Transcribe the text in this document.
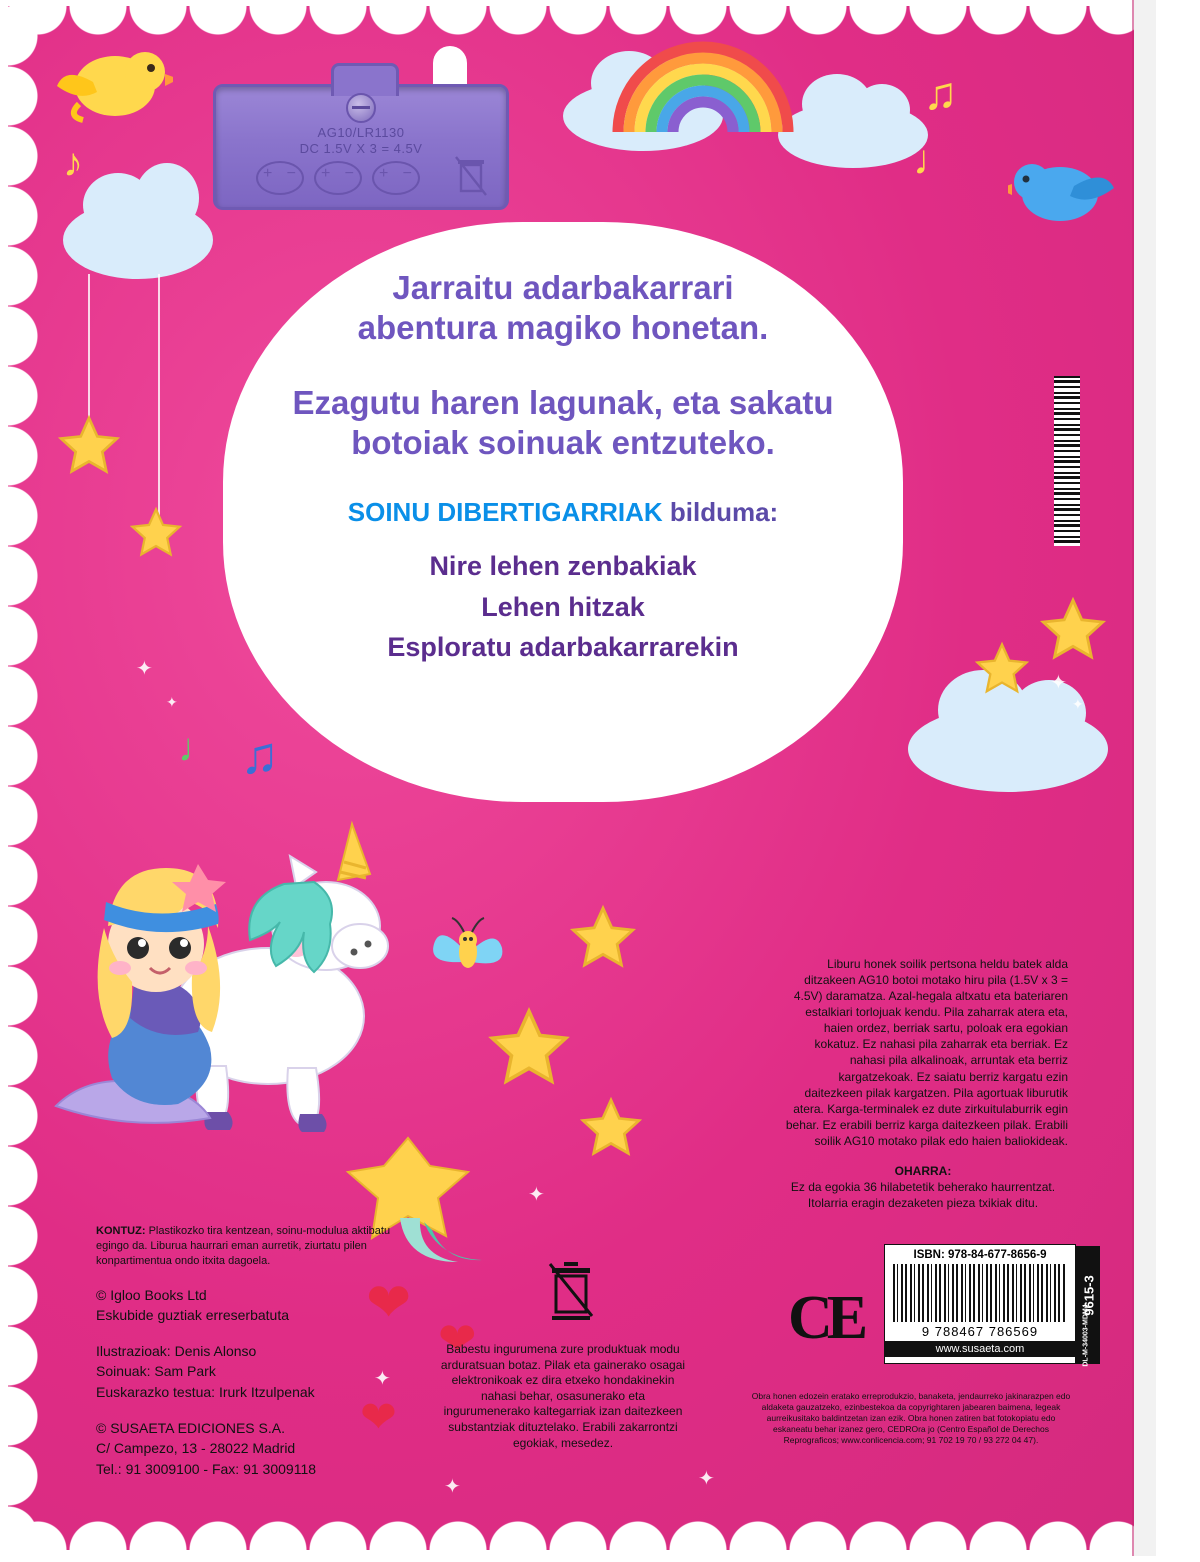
♪
♫
♩
♩ ♫
✦
✦
✦
✦
✦
✦
✦	✦
❤
❤
❤
AG10/LR1130
DC 1.5V X 3 = 4.5V
+ −
+ −
+ −
Jarraitu adarbakarrari
abentura magiko honetan.
Ezagutu haren lagunak, eta sakatu
botoiak soinuak entzuteko.
SOINU DIBERTIGARRIAK bilduma:
Nire lehen zenbakiak
Lehen hitzak
Esploratu adarbakarrarekin
Liburu honek soilik pertsona heldu batek alda ditzakeen AG10 botoi motako hiru pila (1.5V x 3 = 4.5V) daramatza. Azal-hegala altxatu eta bateriaren estalkiari torlojuak kendu. Pila zaharrak atera eta, haien ordez, berriak sartu, poloak era egokian kokatuz. Ez nahasi pila zaharrak eta berriak. Ez nahasi pila alkalinoak, arruntak eta berriz kargatzekoak. Ez saiatu berriz kargatu ezin daitezkeen pilak kargatzen. Pila agortuak liburutik atera. Karga-terminalek ez dute zirkuitulaburrik egin behar. Ez erabili berriz karga daitezkeen pilak. Erabili soilik AG10 motako pilak edo haien baliokideak.
OHARRA:
Ez da egokia 36 hilabetetik beherako haurrentzat. Itolarria eragin dezaketen pieza txikiak ditu.
KONTUZ: Plastikozko tira kentzean, soinu-modulua aktibatu egingo da. Liburua haurrari eman aurretik, ziurtatu pilen konpartimentua ondo itxita dagoela.
© Igloo Books Ltd
Eskubide guztiak erreserbatuta
Ilustrazioak: Denis Alonso
Soinuak: Sam Park
Euskarazko testua: Irurk Itzulpenak
© SUSAETA EDICIONES S.A.
C/ Campezo, 13 - 28022 Madrid
Tel.: 91 3009100 - Fax: 91 3009118
Babestu ingurumena zure produktuak modu arduratsuan botaz. Pilak eta gainerako osagai elektronikoak ez dira etxeko hondakinekin nahasi behar, osasunerako eta ingurumenerako kaltegarriak izan daitezkeen substantziak dituztelako. Erabili zakarrontzi egokiak, mesedez.
CE
ISBN: 978-84-677-8656-9
9 788467 786569
www.susaeta.com
9615-3
DL-M-34003-MDM4
Obra honen edozein eratako erreprodukzio, banaketa, jendaurreko jakinarazpen edo aldaketa gauzatzeko, ezinbestekoa da copyrightaren jabearen baimena, legeak aurreikusitako baldintzetan izan ezik. Obra honen zatiren bat fotokopiatu edo eskaneatu behar izanez gero, CEDROra jo (Centro Español de Derechos Reprograficos; www.conlicencia.com; 91 702 19 70 / 93 272 04 47).
